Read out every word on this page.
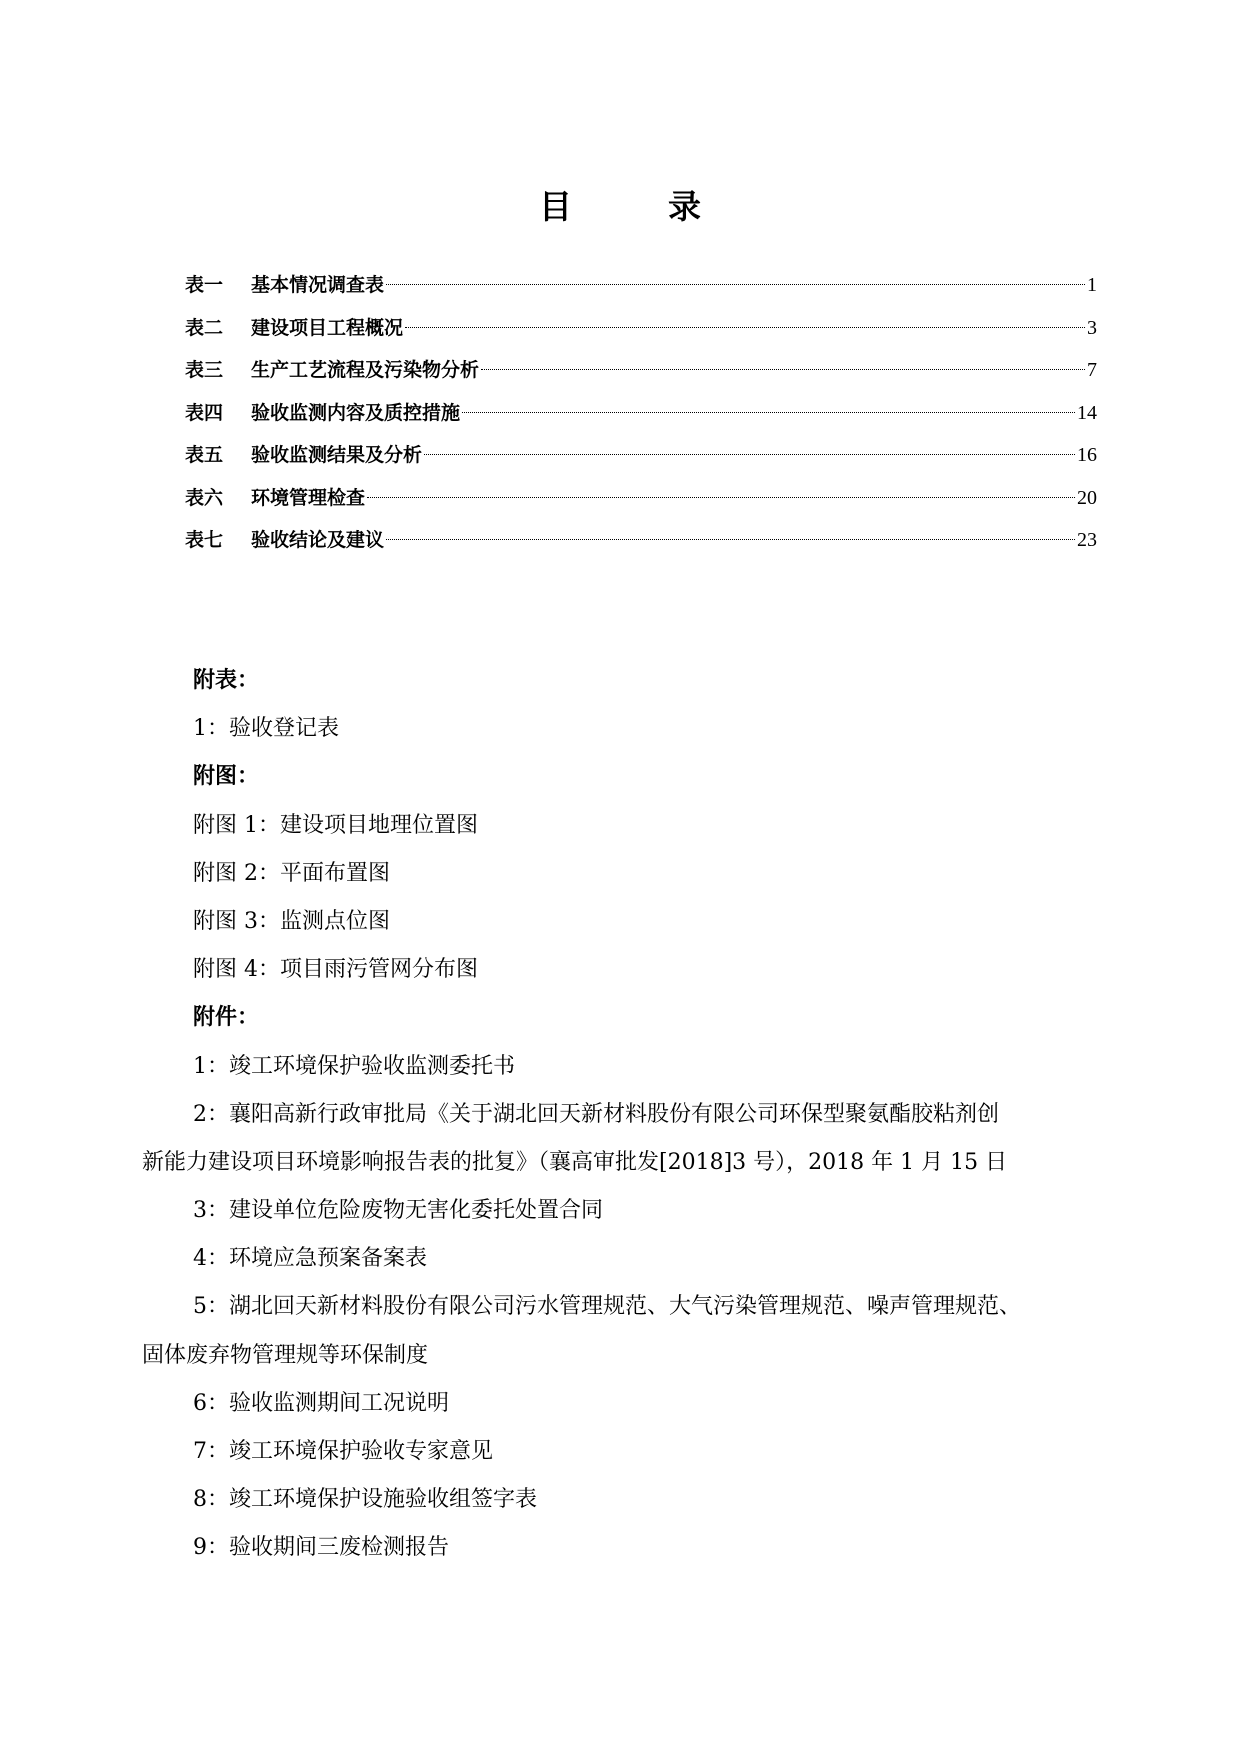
目	录
表一	基本情况调查表	1
表二	建设项目工程概况	3
表三	生产工艺流程及污染物分析	7
表四	验收监测内容及质控措施	14
表五	验收监测结果及分析	16
表六	环境管理检查	20
表七	验收结论及建议	23
附表：
1：验收登记表
附图：
附图 1：建设项目地理位置图
附图 2：平面布置图
附图 3：监测点位图
附图 4：项目雨污管网分布图
附件：
1：竣工环境保护验收监测委托书
2：襄阳高新行政审批局《关于湖北回天新材料股份有限公司环保型聚氨酯胶粘剂创
新能力建设项目环境影响报告表的批复》（襄高审批发[2018]3 号），2018 年 1 月 15 日
3：建设单位危险废物无害化委托处置合同
4：环境应急预案备案表
5：湖北回天新材料股份有限公司污水管理规范、大气污染管理规范、噪声管理规范、
固体废弃物管理规等环保制度
6：验收监测期间工况说明
7：竣工环境保护验收专家意见
8：竣工环境保护设施验收组签字表
9：验收期间三废检测报告
